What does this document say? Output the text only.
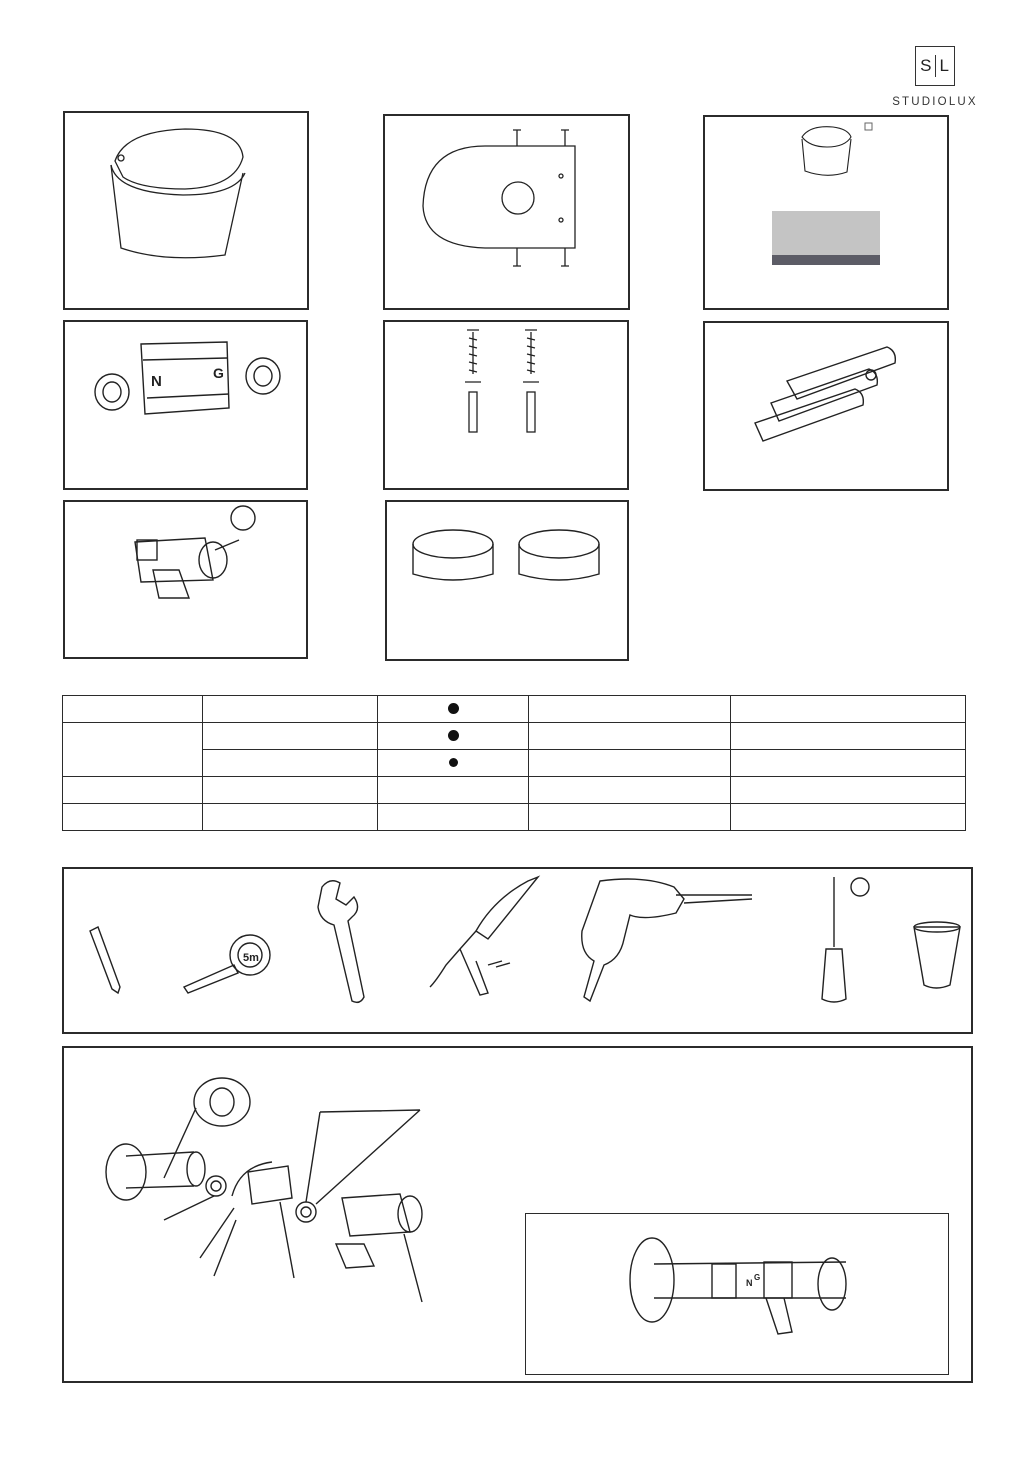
S L
STUDIOLUX
N	G

5m
N
G
